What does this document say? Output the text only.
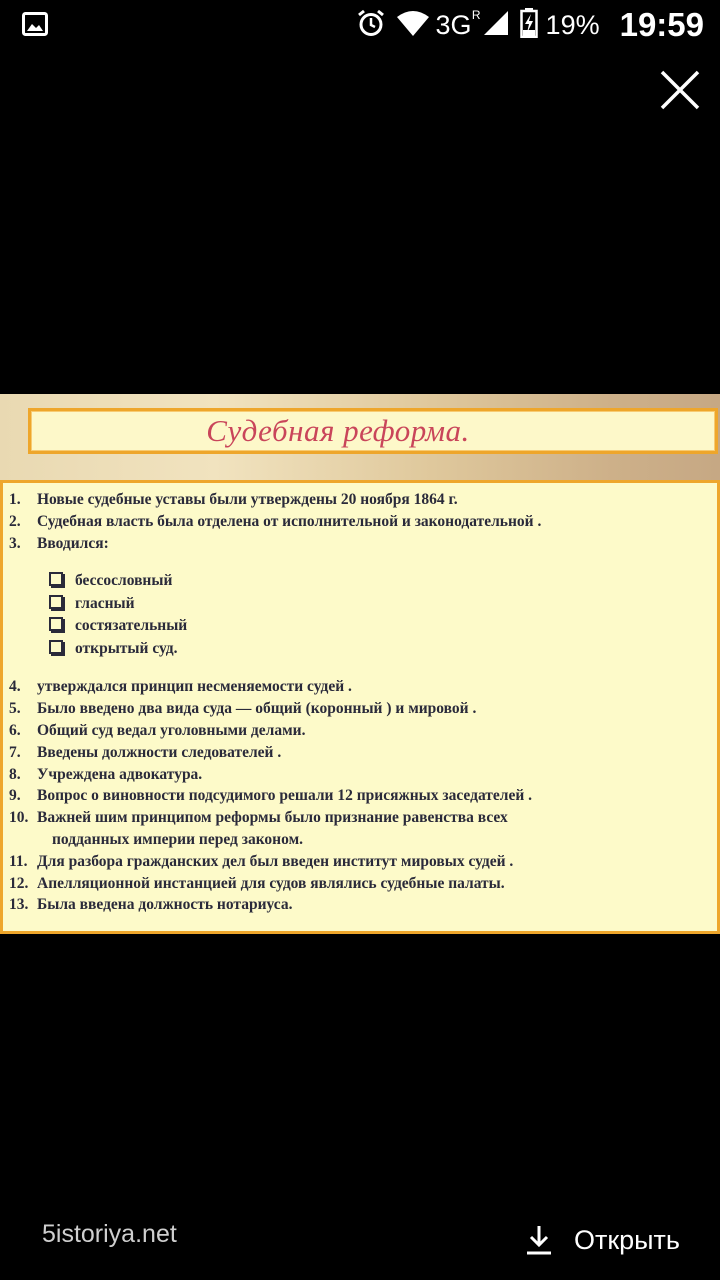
3G R 19% 19:59
Судебная реформа.
1. Новые судебные уставы были утверждены 20 ноября 1864 г.
2. Судебная власть была отделена от исполнительной и законодательной .
3. Вводился:
бессословный
гласный
состязательный
открытый суд.
4. утверждался принцип несменяемости судей .
5. Было введено два вида суда — общий (коронный ) и мировой .
6. Общий суд ведал уголовными делами.
7. Введены должности следователей .
8. Учреждена адвокатура.
9. Вопрос о виновности подсудимого решали 12 присяжных заседателей .
10. Важней шим принципом реформы было признание равенства всех
подданных империи перед законом.
11. Для разбора гражданских дел был введен институт мировых судей .
12. Апелляционной инстанцией для судов являлись судебные палаты.
13. Была введена должность нотариуса.
5istoriya.net	Открыть
